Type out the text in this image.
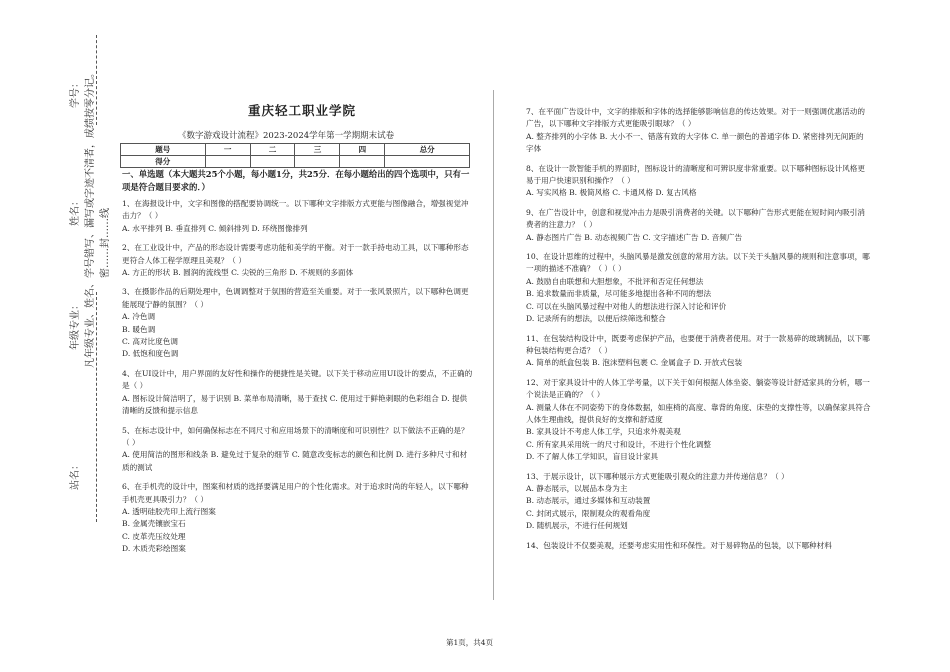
学号：
姓名：
年级专业：
站名：
凡年级专业、姓名、学号错写、漏写或字迹不清者，成绩按零分记。 密……封……线
重庆轻工职业学院
《数字游戏设计流程》2023-2024学年第一学期期末试卷
题号	一	二	三	四	总分
得分					

一、单选题（本大题共25个小题，每小题1分，共25分．在每小题给出的四个选项中，只有一项是符合题目要求的．）

1、在海报设计中，文字和图像的搭配要协调统一。以下哪种文字排版方式更能与图像融合，增强视觉冲击力？（ ）

A. 水平排列 B. 垂直排列 C. 倾斜排列 D. 环绕图像排列

2、在工业设计中，产品的形态设计需要考虑功能和美学的平衡。对于一款手持电动工具，以下哪种形态更符合人体工程学原理且美观？（ ）

A. 方正的形状 B. 圆润的流线型 C. 尖锐的三角形 D. 不规则的多面体

3、在摄影作品的后期处理中，色调调整对于氛围的营造至关重要。对于一张风景照片，以下哪种色调更能展现宁静的氛围？（ ）

A. 冷色调

B. 暖色调

C. 高对比度色调

D. 低饱和度色调

4、在UI设计中，用户界面的友好性和操作的便捷性是关键。以下关于移动应用UI设计的要点，不正确的是（ ）

A. 图标设计简洁明了，易于识别 B. 菜单布局清晰，易于查找 C. 使用过于鲜艳刺眼的色彩组合 D. 提供清晰的反馈和提示信息

5、在标志设计中，如何确保标志在不同尺寸和应用场景下的清晰度和可识别性？以下做法不正确的是？（ ）

A. 使用简洁的图形和线条 B. 避免过于复杂的细节 C. 随意改变标志的颜色和比例 D. 进行多种尺寸和材质的测试

6、在手机壳的设计中，图案和材质的选择要满足用户的个性化需求。对于追求时尚的年轻人，以下哪种手机壳更具吸引力？（ ）

A. 透明硅胶壳印上流行图案

B. 金属壳镶嵌宝石

C. 皮革壳压纹处理

D. 木质壳彩绘图案

7、在平面广告设计中，文字的排版和字体的选择能够影响信息的传达效果。对于一则强调优惠活动的广告，以下哪种文字排版方式更能吸引眼球？（ ）

A. 整齐排列的小字体 B. 大小不一、错落有致的大字体 C. 单一颜色的普通字体 D. 紧密排列无间距的字体

8、在设计一款智能手机的界面时，图标设计的清晰度和可辨识度非常重要。以下哪种图标设计风格更易于用户快速识别和操作？（ ）

A. 写实风格 B. 极简风格 C. 卡通风格 D. 复古风格

9、在广告设计中，创意和视觉冲击力是吸引消费者的关键。以下哪种广告形式更能在短时间内吸引消费者的注意力？（ ）

A. 静态图片广告 B. 动态视频广告 C. 文字描述广告 D. 音频广告

10、在设计思维的过程中，头脑风暴是激发创意的常用方法。以下关于头脑风暴的规则和注意事项，哪一项的描述不准确？（ ）（ ）

A. 鼓励自由联想和大胆想象，不批评和否定任何想法

B. 追求数量而非质量，尽可能多地提出各种不同的想法

C. 可以在头脑风暴过程中对他人的想法进行深入讨论和评价

D. 记录所有的想法，以便后续筛选和整合

11、在包装结构设计中，既要考虑保护产品，也要便于消费者使用。对于一款易碎的玻璃制品，以下哪种包装结构更合适？（ ）

A. 简单的纸盒包装 B. 泡沫塑料包裹 C. 金属盒子 D. 开放式包装

12、对于家具设计中的人体工学考量，以下关于如何根据人体坐姿、躺姿等设计舒适家具的分析，哪一个说法是正确的？（ ）

A. 测量人体在不同姿势下的身体数据，如座椅的高度、靠背的角度、床垫的支撑性等，以确保家具符合人体生理曲线，提供良好的支撑和舒适度

B. 家具设计不考虑人体工学，只追求外观美观

C. 所有家具采用统一的尺寸和设计，不进行个性化调整

D. 不了解人体工学知识，盲目设计家具

13、于展示设计，以下哪种展示方式更能吸引观众的注意力并传递信息？（ ）

A. 静态展示，以展品本身为主

B. 动态展示，通过多媒体和互动装置

C. 封闭式展示，限制观众的观看角度

D. 随机展示，不进行任何规划

14、包装设计不仅要美观，还要考虑实用性和环保性。对于易碎物品的包装，以下哪种材料

第1页，共4页
